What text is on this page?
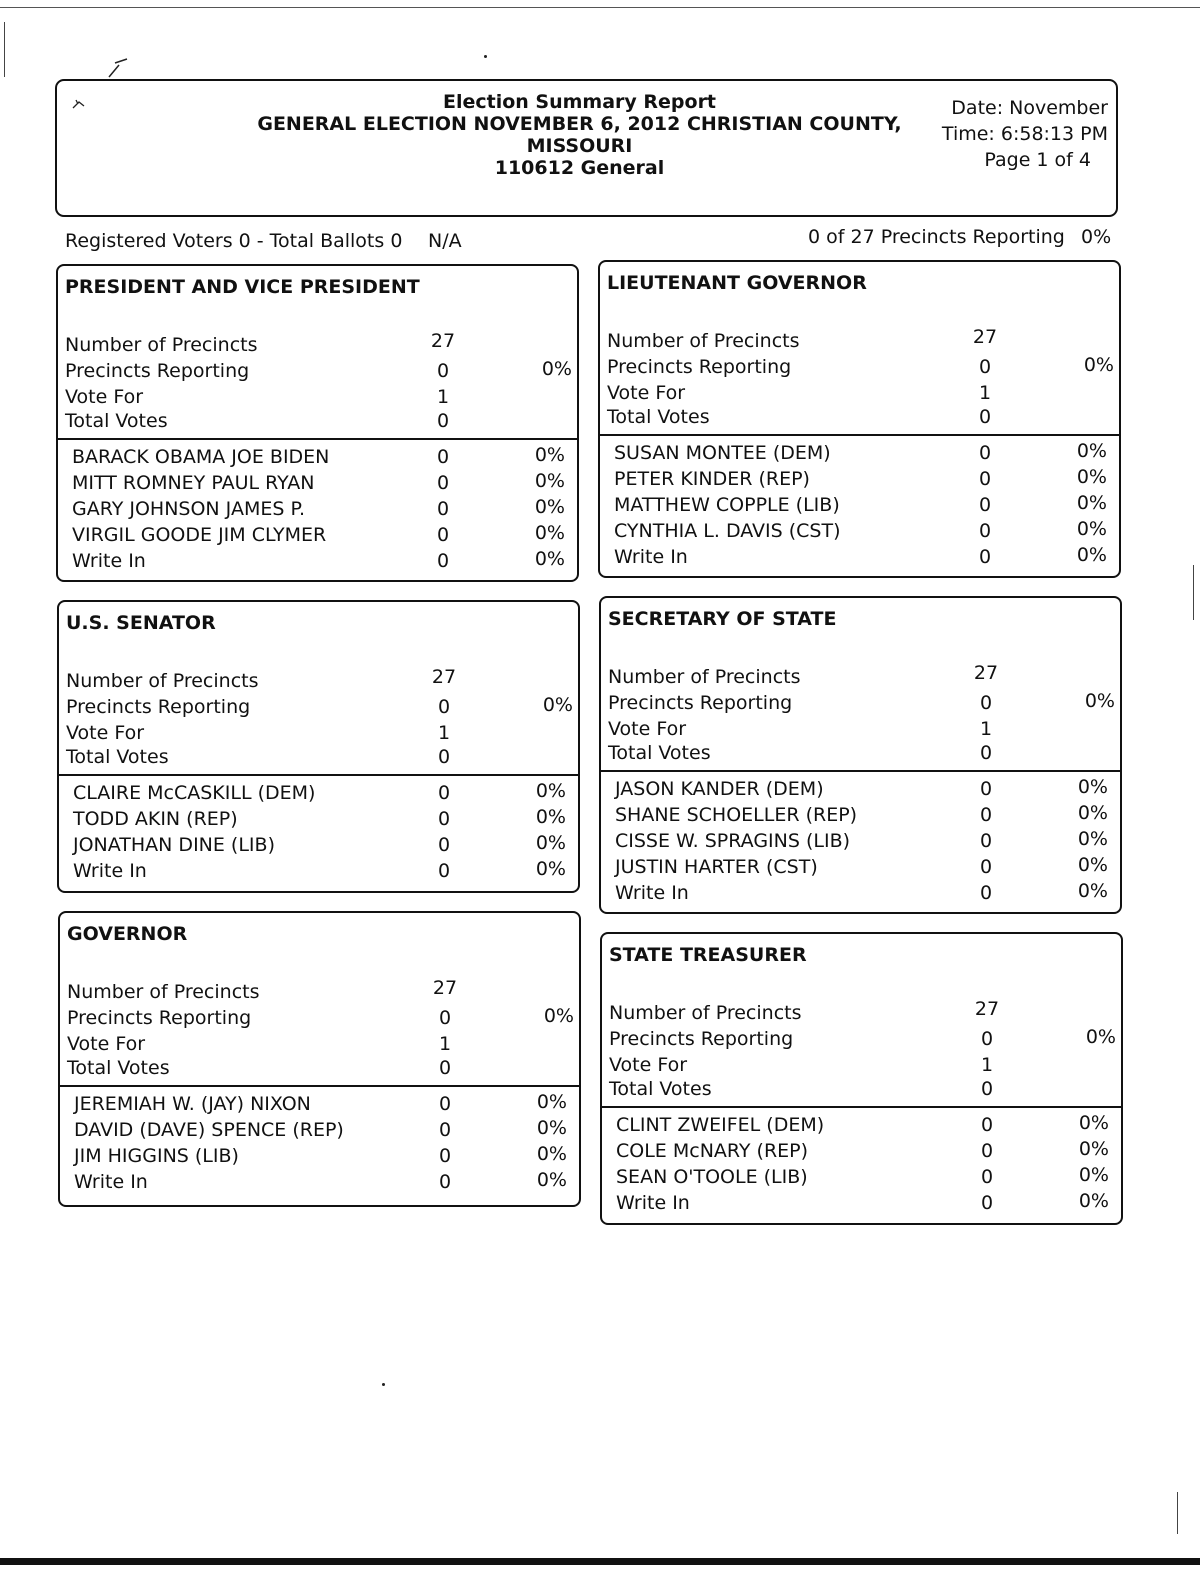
Election Summary Report
GENERAL ELECTION NOVEMBER 6, 2012 CHRISTIAN COUNTY,
MISSOURI
110612 General
Date: November
Time: 6:58:13 PM
Page 1 of 4
Registered Voters 0 - Total Ballots 0 N/A	0 of 27 Precincts Reporting 0%
PRESIDENT AND VICE PRESIDENT
Number of Precincts	27
Precincts Reporting	0	0%
Vote For	1
Total Votes	0
BARACK OBAMA JOE BIDEN	0	0%
MITT ROMNEY PAUL RYAN	0	0%
GARY JOHNSON JAMES P.	0	0%
VIRGIL GOODE JIM CLYMER	0	0%
Write In	0	0%
LIEUTENANT GOVERNOR
Number of Precincts	27
Precincts Reporting	0	0%
Vote For	1
Total Votes	0
SUSAN MONTEE (DEM)	0	0%
PETER KINDER (REP)	0	0%
MATTHEW COPPLE (LIB)	0	0%
CYNTHIA L. DAVIS (CST)	0	0%
Write In	0	0%
U.S. SENATOR
Number of Precincts	27
Precincts Reporting	0	0%
Vote For	1
Total Votes	0
CLAIRE McCASKILL (DEM)	0	0%
TODD AKIN (REP)	0	0%
JONATHAN DINE (LIB)	0	0%
Write In	0	0%
SECRETARY OF STATE
Number of Precincts	27
Precincts Reporting	0	0%
Vote For	1
Total Votes	0
JASON KANDER (DEM)	0	0%
SHANE SCHOELLER (REP)	0	0%
CISSE W. SPRAGINS (LIB)	0	0%
JUSTIN HARTER (CST)	0	0%
Write In	0	0%
GOVERNOR
Number of Precincts	27
Precincts Reporting	0	0%
Vote For	1
Total Votes	0
JEREMIAH W. (JAY) NIXON	0	0%
DAVID (DAVE) SPENCE (REP)	0	0%
JIM HIGGINS (LIB)	0	0%
Write In	0	0%
STATE TREASURER
Number of Precincts	27
Precincts Reporting	0	0%
Vote For	1
Total Votes	0
CLINT ZWEIFEL (DEM)	0	0%
COLE McNARY (REP)	0	0%
SEAN O'TOOLE (LIB)	0	0%
Write In	0	0%
